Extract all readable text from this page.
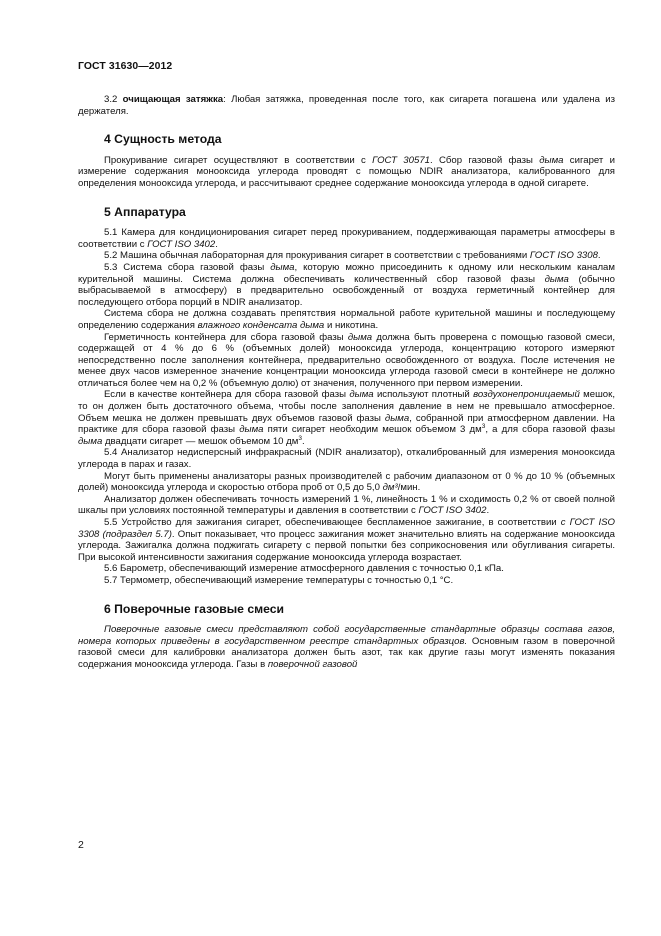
ГОСТ 31630—2012

3.2 очищающая затяжка: Любая затяжка, проведенная после того, как сигарета погашена или удалена из держателя.

4 Сущность метода

Прокуривание сигарет осуществляют в соответствии с ГОСТ 30571. Сбор газовой фазы дыма сигарет и измерение содержания монооксида углерода проводят с помощью NDIR анализатора, калиброванного для определения монооксида углерода, и рассчитывают среднее содержание монооксида углерода в одной сигарете.

5 Аппаратура

5.1 Камера для кондиционирования сигарет перед прокуриванием, поддерживающая параметры атмосферы в соответствии с ГОСТ ISO 3402.

5.2 Машина обычная лабораторная для прокуривания сигарет в соответствии с требованиями ГОСТ ISO 3308.

5.3 Система сбора газовой фазы дыма, которую можно присоединить к одному или нескольким каналам курительной машины. Система должна обеспечивать количественный сбор газовой фазы дыма (обычно выбрасываемой в атмосферу) в предварительно освобожденный от воздуха герметичный контейнер для последующего отбора порций в NDIR анализатор.

Система сбора не должна создавать препятствия нормальной работе курительной машины и последующему определению содержания влажного конденсата дыма и никотина.

Герметичность контейнера для сбора газовой фазы дыма должна быть проверена с помощью газовой смеси, содержащей от 4 % до 6 % (объемных долей) монооксида углерода, концентрацию которого измеряют непосредственно после заполнения контейнера, предварительно освобожденного от воздуха. После истечения не менее двух часов измеренное значение концентрации монооксида углерода газовой смеси в контейнере не должно отличаться более чем на 0,2 % (объемную долю) от значения, полученного при первом измерении.

Если в качестве контейнера для сбора газовой фазы дыма используют плотный воздухонепроницаемый мешок, то он должен быть достаточного объема, чтобы после заполнения давление в нем не превышало атмосферное. Объем мешка не должен превышать двух объемов газовой фазы дыма, собранной при атмосферном давлении. На практике для сбора газовой фазы дыма пяти сигарет необходим мешок объемом 3 $дм^3$, а для сбора газовой фазы дыма двадцати сигарет — мешок объемом 10 $дм^3$.

5.4 Анализатор недисперсный инфракрасный (NDIR анализатор), откалиброванный для измерения монооксида углерода в парах и газах.

Могут быть применены анализаторы разных производителей с рабочим диапазоном от 0 % до 10 % (объемных долей) монооксида углерода и скоростью отбора проб от 0,5 до 5,0 дм³/мин.

Анализатор должен обеспечивать точность измерений 1 %, линейность 1 % и сходимость 0,2 % от своей полной шкалы при условиях постоянной температуры и давления в соответствии с ГОСТ ISO 3402.

5.5 Устройство для зажигания сигарет, обеспечивающее беспламенное зажигание, в соответствии с ГОСТ ISO 3308 (подраздел 5.7). Опыт показывает, что процесс зажигания может значительно влиять на содержание монооксида углерода. Зажигалка должна поджигать сигарету с первой попытки без соприкосновения или обугливания сигареты. При высокой интенсивности зажигания содержание монооксида углерода возрастает.

5.6 Барометр, обеспечивающий измерение атмосферного давления с точностью 0,1 кПа.

5.7 Термометр, обеспечивающий измерение температуры с точностью 0,1 °С.

6 Поверочные газовые смеси

Поверочные газовые смеси представляют собой государственные стандартные образцы состава газов, номера которых приведены в государственном реестре стандартных образцов. Основным газом в поверочной газовой смеси для калибровки анализатора должен быть азот, так как другие газы могут изменять показания содержания монооксида углерода. Газы в поверочной газовой

2
